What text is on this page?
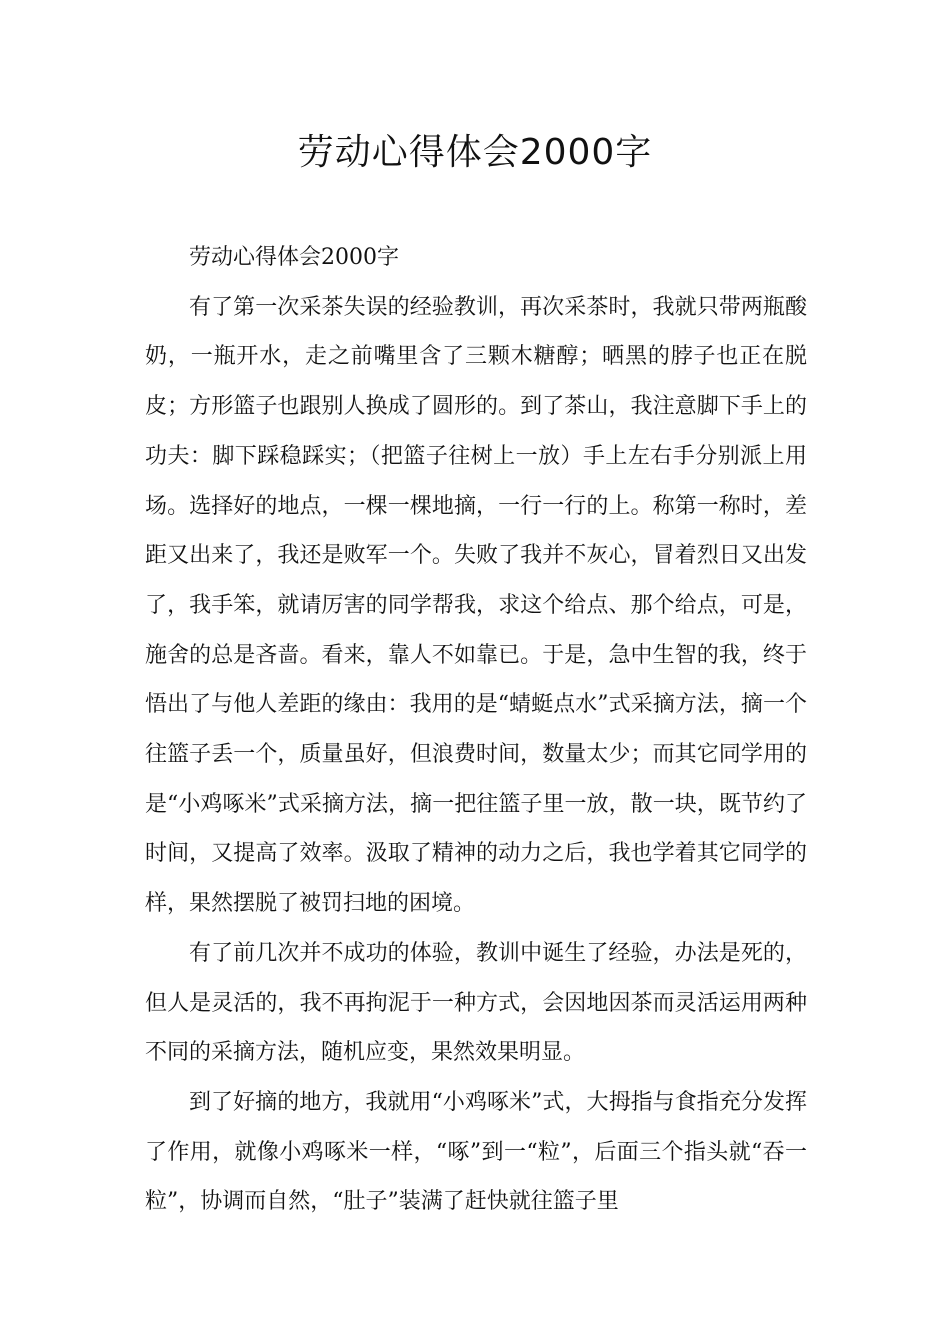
劳动心得体会2000字

劳动心得体会2000字

有了第一次采茶失误的经验教训，再次采茶时，我就只带两瓶酸奶，一瓶开水，走之前嘴里含了三颗木糖醇；晒黑的脖子也正在脱皮；方形篮子也跟别人换成了圆形的。到了茶山，我注意脚下手上的功夫：脚下踩稳踩实；（把篮子往树上一放）手上左右手分别派上用场。选择好的地点，一棵一棵地摘，一行一行的上。称第一称时，差距又出来了，我还是败军一个。失败了我并不灰心，冒着烈日又出发了，我手笨，就请厉害的同学帮我，求这个给点、那个给点，可是，施舍的总是吝啬。看来，靠人不如靠已。于是，急中生智的我，终于悟出了与他人差距的缘由：我用的是“蜻蜓点水”式采摘方法，摘一个往篮子丢一个，质量虽好，但浪费时间，数量太少；而其它同学用的是“小鸡啄米”式采摘方法，摘一把往篮子里一放，散一块，既节约了时间，又提高了效率。汲取了精神的动力之后，我也学着其它同学的样，果然摆脱了被罚扫地的困境。

有了前几次并不成功的体验，教训中诞生了经验，办法是死的，但人是灵活的，我不再拘泥于一种方式，会因地因茶而灵活运用两种不同的采摘方法，随机应变，果然效果明显。

到了好摘的地方，我就用“小鸡啄米”式，大拇指与食指充分发挥了作用，就像小鸡啄米一样，“啄”到一“粒”，后面三个指头就“吞一粒”，协调而自然，“肚子”装满了赶快就往篮子里
